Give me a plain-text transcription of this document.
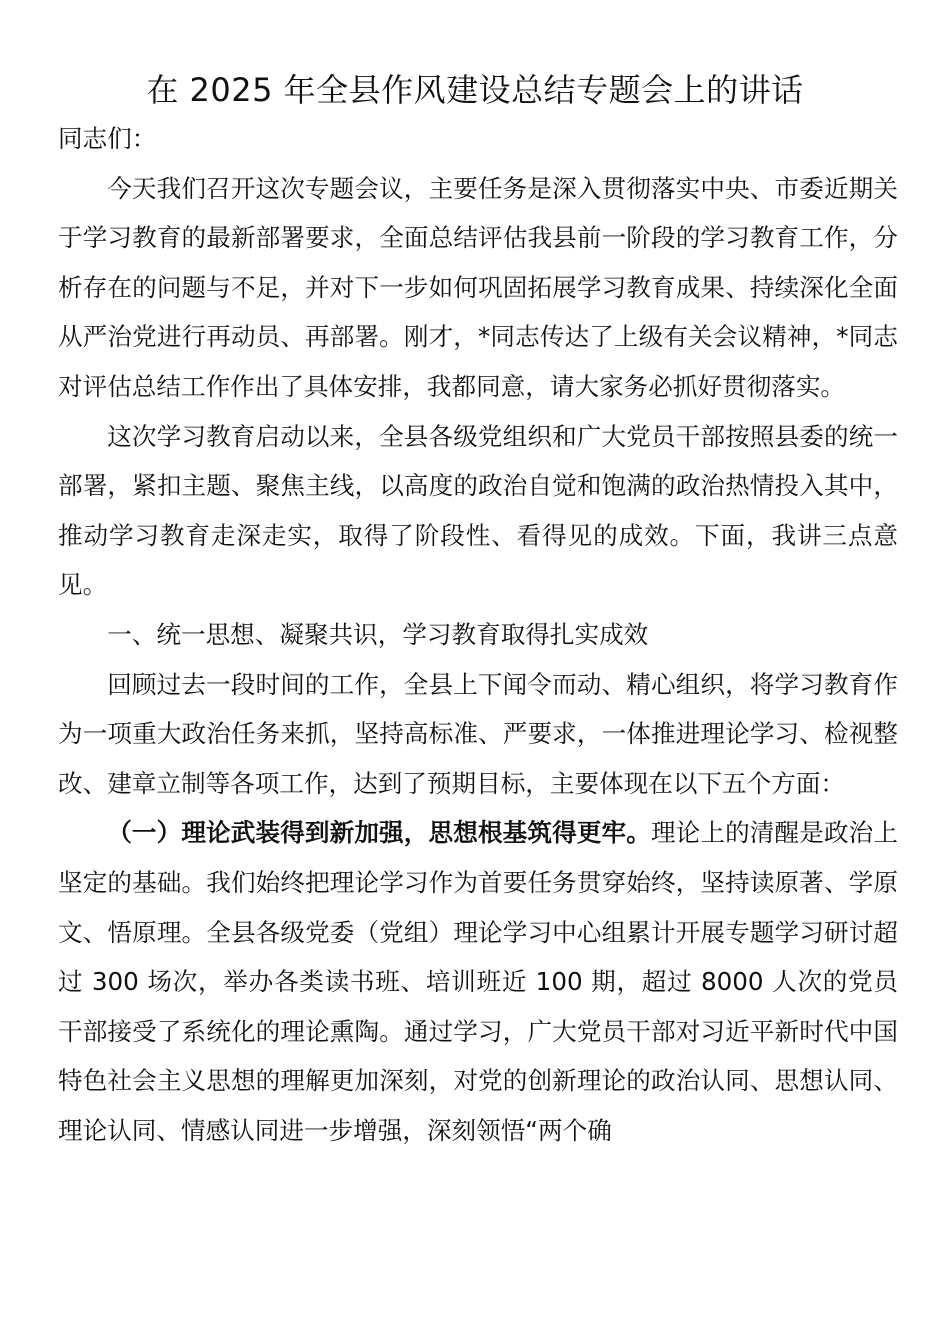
在 2025 年全县作风建设总结专题会上的讲话

同志们：

今天我们召开这次专题会议，主要任务是深入贯彻落实中央、市委近期关于学习教育的最新部署要求，全面总结评估我县前一阶段的学习教育工作，分析存在的问题与不足，并对下一步如何巩固拓展学习教育成果、持续深化全面从严治党进行再动员、再部署。刚才，*同志传达了上级有关会议精神，*同志对评估总结工作作出了具体安排，我都同意，请大家务必抓好贯彻落实。

这次学习教育启动以来，全县各级党组织和广大党员干部按照县委的统一部署，紧扣主题、聚焦主线，以高度的政治自觉和饱满的政治热情投入其中，推动学习教育走深走实，取得了阶段性、看得见的成效。下面，我讲三点意见。

一、统一思想、凝聚共识，学习教育取得扎实成效

回顾过去一段时间的工作，全县上下闻令而动、精心组织，将学习教育作为一项重大政治任务来抓，坚持高标准、严要求，一体推进理论学习、检视整改、建章立制等各项工作，达到了预期目标，主要体现在以下五个方面：

（一）理论武装得到新加强，思想根基筑得更牢。理论上的清醒是政治上坚定的基础。我们始终把理论学习作为首要任务贯穿始终，坚持读原著、学原文、悟原理。全县各级党委（党组）理论学习中心组累计开展专题学习研讨超过 300 场次，举办各类读书班、培训班近 100 期，超过 8000 人次的党员干部接受了系统化的理论熏陶。通过学习，广大党员干部对习近平新时代中国特色社会主义思想的理解更加深刻，对党的创新理论的政治认同、思想认同、理论认同、情感认同进一步增强，深刻领悟“两个确
